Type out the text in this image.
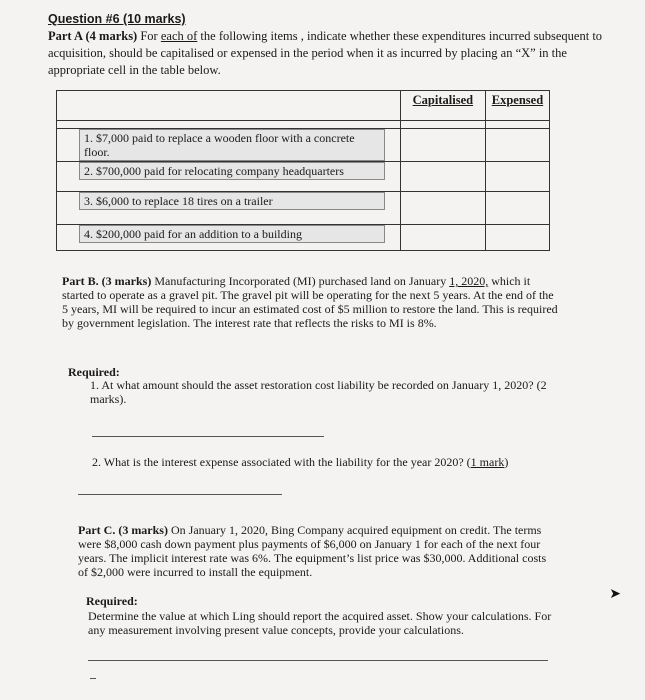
Question #6 (10 marks)
Part A (4 marks) For each of the following items , indicate whether these expenditures incurred subsequent to acquisition, should be capitalised or expensed in the period when it as incurred by placing an “X” in the appropriate cell in the table below.
	Capitalised	Expensed

1. $7,000 paid to replace a wooden floor with a concrete floor.		

2. $700,000 paid for relocating company headquarters		

3. $6,000 to replace 18 tires on a trailer		

4. $200,000 paid for an addition to a building		

Part B. (3 marks) Manufacturing Incorporated (MI) purchased land on January 1, 2020, which it started to operate as a gravel pit. The gravel pit will be operating for the next 5 years. At the end of the 5 years, MI will be required to incur an estimated cost of $5 million to restore the land. This is required by government legislation. The interest rate that reflects the risks to MI is 8%.
Required:
1. At what amount should the asset restoration cost liability be recorded on January 1, 2020? (2 marks).
2. What is the interest expense associated with the liability for the year 2020? (1 mark)
Part C. (3 marks) On January 1, 2020, Bing Company acquired equipment on credit. The terms were $8,000 cash down payment plus payments of $6,000 on January 1 for each of the next four years. The implicit interest rate was 6%. The equipment’s list price was $30,000. Additional costs of $2,000 were incurred to install the equipment.
Required:
Determine the value at which Ling should report the acquired asset. Show your calculations. For any measurement involving present value concepts, provide your calculations.
➤
